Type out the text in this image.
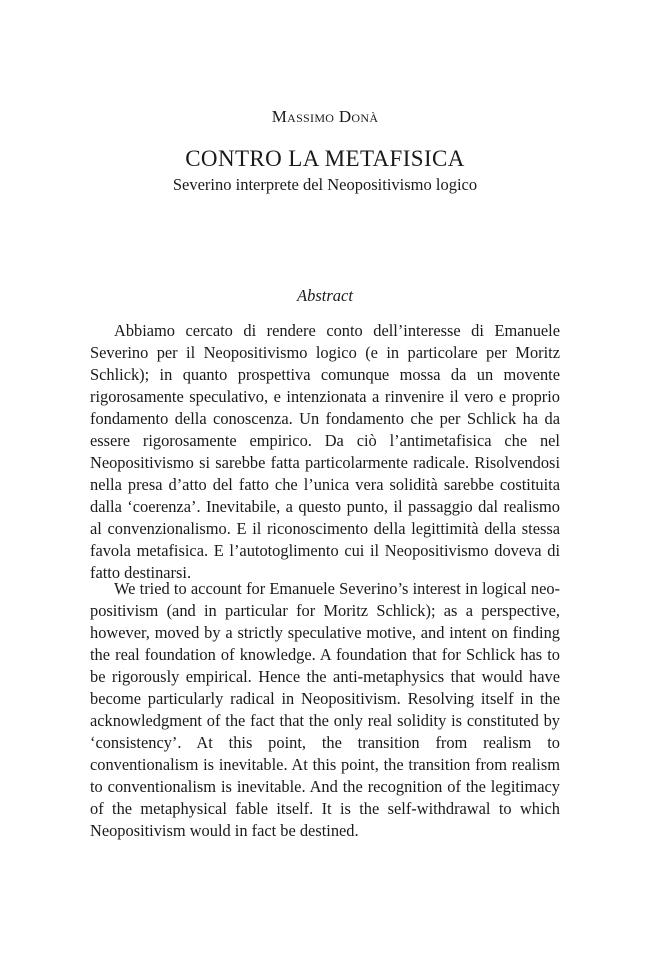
Massimo Donà
CONTRO LA METAFISICA
Severino interprete del Neopositivismo logico
Abstract

Abbiamo cercato di rendere conto dell’interesse di Emanuele Severino per il Neopositivismo logico (e in particolare per Moritz Schlick); in quanto prospettiva comunque mossa da un movente rigorosamente speculativo, e intenzionata a rinvenire il vero e proprio fondamento della conoscenza. Un fondamento che per Schlick ha da essere rigorosamente empirico. Da ciò l’antimetafisica che nel Neopositivismo si sarebbe fatta particolarmente radicale. Risolvendosi nella presa d’atto del fatto che l’unica vera solidità sarebbe costituita dalla ‘coerenza’. Inevitabile, a questo punto, il passaggio dal realismo al convenzionalismo. E il riconoscimento della legittimità della stessa favola metafisica. E l’autotoglimento cui il Neopositivismo doveva di fatto destinarsi.

We tried to account for Emanuele Severino’s interest in logical neo-positivism (and in particular for Moritz Schlick); as a perspective, however, moved by a strictly speculative motive, and intent on finding the real foundation of knowledge. A foundation that for Schlick has to be rigorously empirical. Hence the anti-metaphysics that would have become particularly radical in Neopositivism. Resolving itself in the acknowledgment of the fact that the only real solidity is constituted by ‘consistency’. At this point, the transition from realism to conventionalism is inevitable. At this point, the transition from realism to conventionalism is inevitable. And the recognition of the legitimacy of the metaphysical fable itself. It is the self-withdrawal to which Neopositivism would in fact be destined.
